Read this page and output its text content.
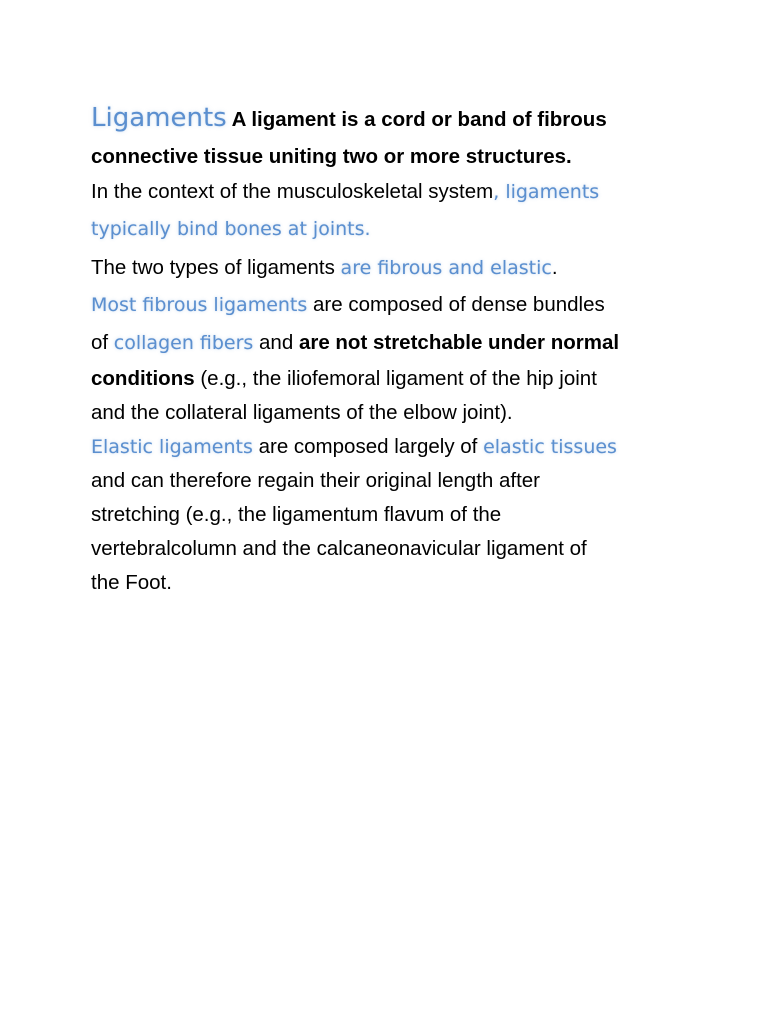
Ligaments A ligament is a cord or band of fibrous
connective tissue uniting two or more structures.
In the context of the musculoskeletal system, ligaments
typically bind bones at joints.
The two types of ligaments are fibrous and elastic.
Most fibrous ligaments are composed of dense bundles
of collagen fibers and are not stretchable under normal
conditions (e.g., the iliofemoral ligament of the hip joint
and the collateral ligaments of the elbow joint).
Elastic ligaments are composed largely of elastic tissues
and can therefore regain their original length after
stretching (e.g., the ligamentum flavum of the
vertebralcolumn and the calcaneonavicular ligament of
the Foot.
